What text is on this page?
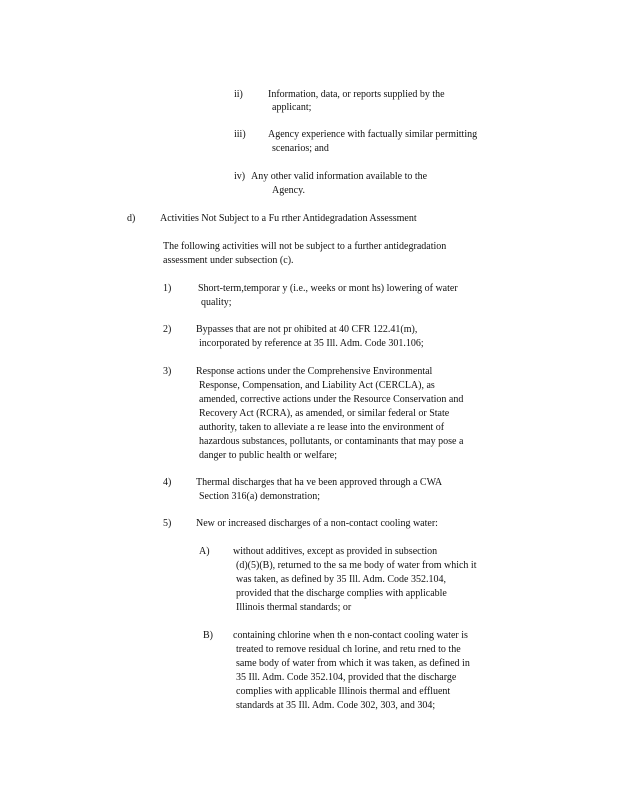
ii)	Information, data, or reports supplied by the
applicant;
iii) Agency experience with factually similar permitting
scenarios; and
iv) Any other valid information available to the
Agency.
d) Activities Not Subject to a Fu rther Antidegradation Assessment
The following activities will not be subject to a further antidegradation
assessment under subsection (c).
1)	Short-term,temporar y (i.e., weeks or mont hs) lowering of water
quality;
2) Bypasses that are not pr ohibited at 40 CFR 122.41(m),
incorporated by reference at 35 Ill. Adm. Code 301.106;
3) Response actions under the Comprehensive Environmental
Response, Compensation, and Liability Act (CERCLA), as
amended, corrective actions under the Resource Conservation and
Recovery Act (RCRA), as amended, or similar federal or State
authority, taken to alleviate a re lease into the environment of
hazardous substances, pollutants, or contaminants that may pose a
danger to public health or welfare;
4) Thermal discharges that ha ve been approved through a CWA
Section 316(a) demonstration;
5) New or increased discharges of a non-contact cooling water:
A) without additives, except as provided in subsection
(d)(5)(B), returned to the sa me body of water from which it
was taken, as defined by 35 Ill. Adm. Code 352.104,
provided that the discharge complies with applicable
Illinois thermal standards; or
B) containing chlorine when th e non-contact cooling water is
treated to remove residual ch lorine, and retu rned to the
same body of water from which it was taken, as defined in
35 Ill. Adm. Code 352.104, provided that the discharge
complies with applicable Illinois thermal and effluent
standards at 35 Ill. Adm. Code 302, 303, and 304;
